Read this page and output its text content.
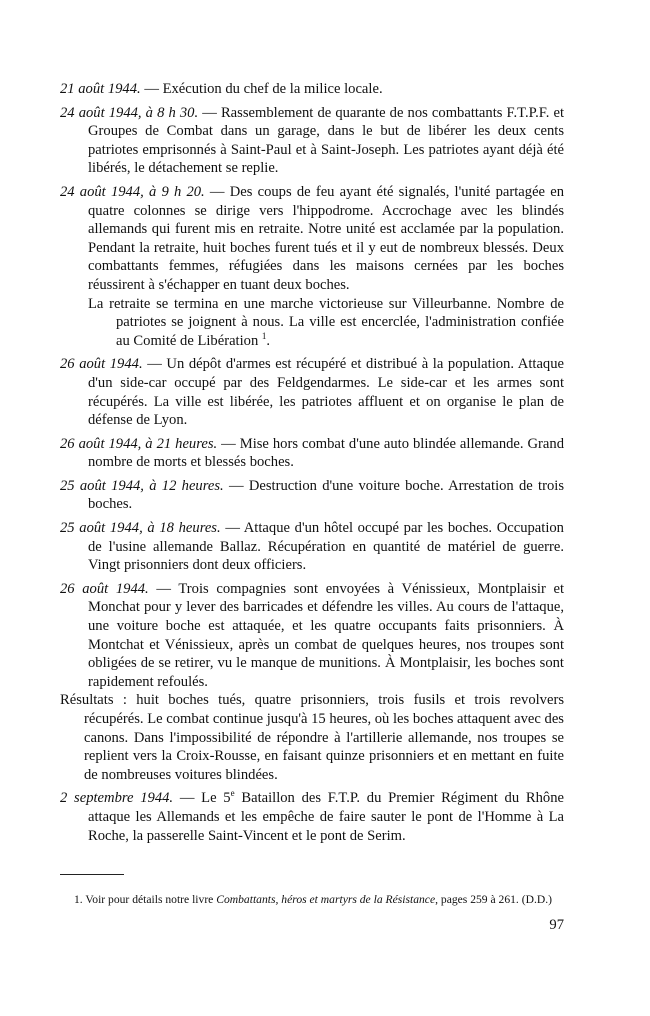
21 août 1944. — Exécution du chef de la milice locale.

24 août 1944, à 8 h 30. — Rassemblement de quarante de nos combattants F.T.P.F. et Groupes de Combat dans un garage, dans le but de libérer les deux cents patriotes emprisonnés à Saint-Paul et à Saint-Joseph. Les patriotes ayant déjà été libérés, le détachement se replie.

24 août 1944, à 9 h 20. — Des coups de feu ayant été signalés, l'unité partagée en quatre colonnes se dirige vers l'hippodrome. Accrochage avec les blindés allemands qui furent mis en retraite. Notre unité est acclamée par la population. Pendant la retraite, huit boches furent tués et il y eut de nombreux blessés. Deux combattants femmes, réfugiées dans les maisons cernées par les boches réussirent à s'échapper en tuant deux boches.

La retraite se termina en une marche victorieuse sur Villeurbanne. Nombre de patriotes se joignent à nous. La ville est encerclée, l'administration confiée au Comité de Libération $^1$.

26 août 1944. — Un dépôt d'armes est récupéré et distribué à la population. Attaque d'un side-car occupé par des Feldgendarmes. Le side-car et les armes sont récupérés. La ville est libérée, les patriotes affluent et on organise le plan de défense de Lyon.

26 août 1944, à 21 heures. — Mise hors combat d'une auto blindée allemande. Grand nombre de morts et blessés boches.

25 août 1944, à 12 heures. — Destruction d'une voiture boche. Arrestation de trois boches.

25 août 1944, à 18 heures. — Attaque d'un hôtel occupé par les boches. Occupation de l'usine allemande Ballaz. Récupération en quantité de matériel de guerre. Vingt prisonniers dont deux officiers.

26 août 1944. — Trois compagnies sont envoyées à Vénissieux, Montplaisir et Monchat pour y lever des barricades et défendre les villes. Au cours de l'attaque, une voiture boche est attaquée, et les quatre occupants faits prisonniers. À Montchat et Vénissieux, après un combat de quelques heures, nos troupes sont obligées de se retirer, vu le manque de munitions. À Montplaisir, les boches sont rapidement refoulés.

Résultats : huit boches tués, quatre prisonniers, trois fusils et trois revolvers récupérés. Le combat continue jusqu'à 15 heures, où les boches attaquent avec des canons. Dans l'impossibilité de répondre à l'artillerie allemande, nos troupes se replient vers la Croix-Rousse, en faisant quinze prisonniers et en mettant en fuite de nombreuses voitures blindées.

2 septembre 1944. — Le 5e Bataillon des F.T.P. du Premier Régiment du Rhône attaque les Allemands et les empêche de faire sauter le pont de l'Homme à La Roche, la passerelle Saint-Vincent et le pont de Serim.

1. Voir pour détails notre livre Combattants, héros et martyrs de la Résistance, pages 259 à 261. (D.D.)

97
